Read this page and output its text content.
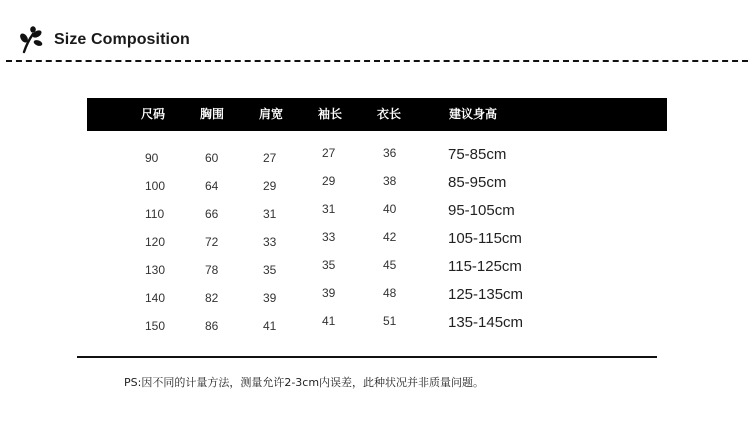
Size Composition
尺码	胸围	肩宽	袖长	衣长	建议身高
90	60	27	27	36	75-85cm
100	64	29	29	38	85-95cm
110	66	31	31	40	95-105cm
120	72	33	33	42	105-115cm
130	78	35	35	45	115-125cm
140	82	39	39	48	125-135cm
150	86	41	41	51	135-145cm
PS:因不同的计量方法，测量允许2-3cm内误差，此种状况并非质量问题。
